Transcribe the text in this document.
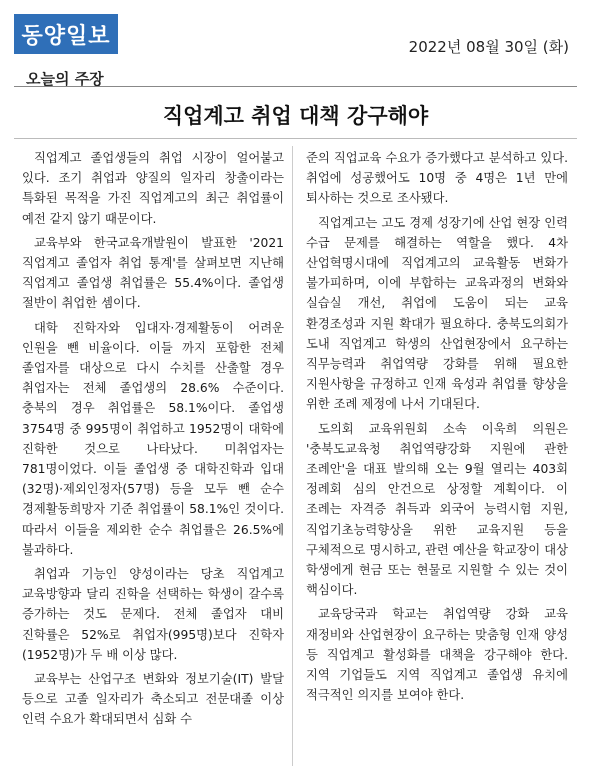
동양일보	2022년 08월 30일 (화)
오늘의 주장
직업계고 취업 대책 강구해야

직업계고 졸업생들의 취업 시장이 얼어붙고 있다. 조기 취업과 양질의 일자리 창출이라는 특화된 목적을 가진 직업계고의 최근 취업률이 예전 같지 않기 때문이다.

교육부와 한국교육개발원이 발표한 '2021 직업계고 졸업자 취업 통계'를 살펴보면 지난해 직업계고 졸업생 취업률은 55.4%이다. 졸업생 절반이 취업한 셈이다.

대학 진학자와 입대자·경제활동이 어려운 인원을 뺀 비율이다. 이들 까지 포함한 전체 졸업자를 대상으로 다시 수치를 산출할 경우 취업자는 전체 졸업생의 28.6% 수준이다. 충북의 경우 취업률은 58.1%이다. 졸업생 3754명 중 995명이 취업하고 1952명이 대학에 진학한 것으로 나타났다. 미취업자는 781명이었다. 이들 졸업생 중 대학진학과 입대(32명)·제외인정자(57명) 등을 모두 뺀 순수 경제활동희망자 기준 취업률이 58.1%인 것이다. 따라서 이들을 제외한 순수 취업률은 26.5%에 불과하다.

취업과 기능인 양성이라는 당초 직업계고 교육방향과 달리 진학을 선택하는 학생이 갈수록 증가하는 것도 문제다. 전체 졸업자 대비 진학률은 52%로 취업자(995명)보다 진학자(1952명)가 두 배 이상 많다.

교육부는 산업구조 변화와 정보기술(IT) 발달 등으로 고졸 일자리가 축소되고 전문대졸 이상 인력 수요가 확대되면서 심화 수

준의 직업교육 수요가 증가했다고 분석하고 있다. 취업에 성공했어도 10명 중 4명은 1년 만에 퇴사하는 것으로 조사됐다.

직업계고는 고도 경제 성장기에 산업 현장 인력 수급 문제를 해결하는 역할을 했다. 4차 산업혁명시대에 직업계고의 교육활동 변화가 불가피하며, 이에 부합하는 교육과정의 변화와 실습실 개선, 취업에 도움이 되는 교육 환경조성과 지원 확대가 필요하다. 충북도의회가 도내 직업계고 학생의 산업현장에서 요구하는 직무능력과 취업역량 강화를 위해 필요한 지원사항을 규정하고 인재 육성과 취업률 향상을 위한 조례 제정에 나서 기대된다.

도의회 교육위원회 소속 이욱희 의원은 '충북도교육청 취업역량강화 지원에 관한 조례안'을 대표 발의해 오는 9월 열리는 403회 정례회 심의 안건으로 상정할 계획이다. 이 조례는 자격증 취득과 외국어 능력시험 지원, 직업기초능력향상을 위한 교육지원 등을 구체적으로 명시하고, 관련 예산을 학교장이 대상 학생에게 현금 또는 현물로 지원할 수 있는 것이 핵심이다.

교육당국과 학교는 취업역량 강화 교육 재정비와 산업현장이 요구하는 맞춤형 인재 양성 등 직업계고 활성화를 대책을 강구해야 한다. 지역 기업들도 지역 직업계고 졸업생 유치에 적극적인 의지를 보여야 한다.
